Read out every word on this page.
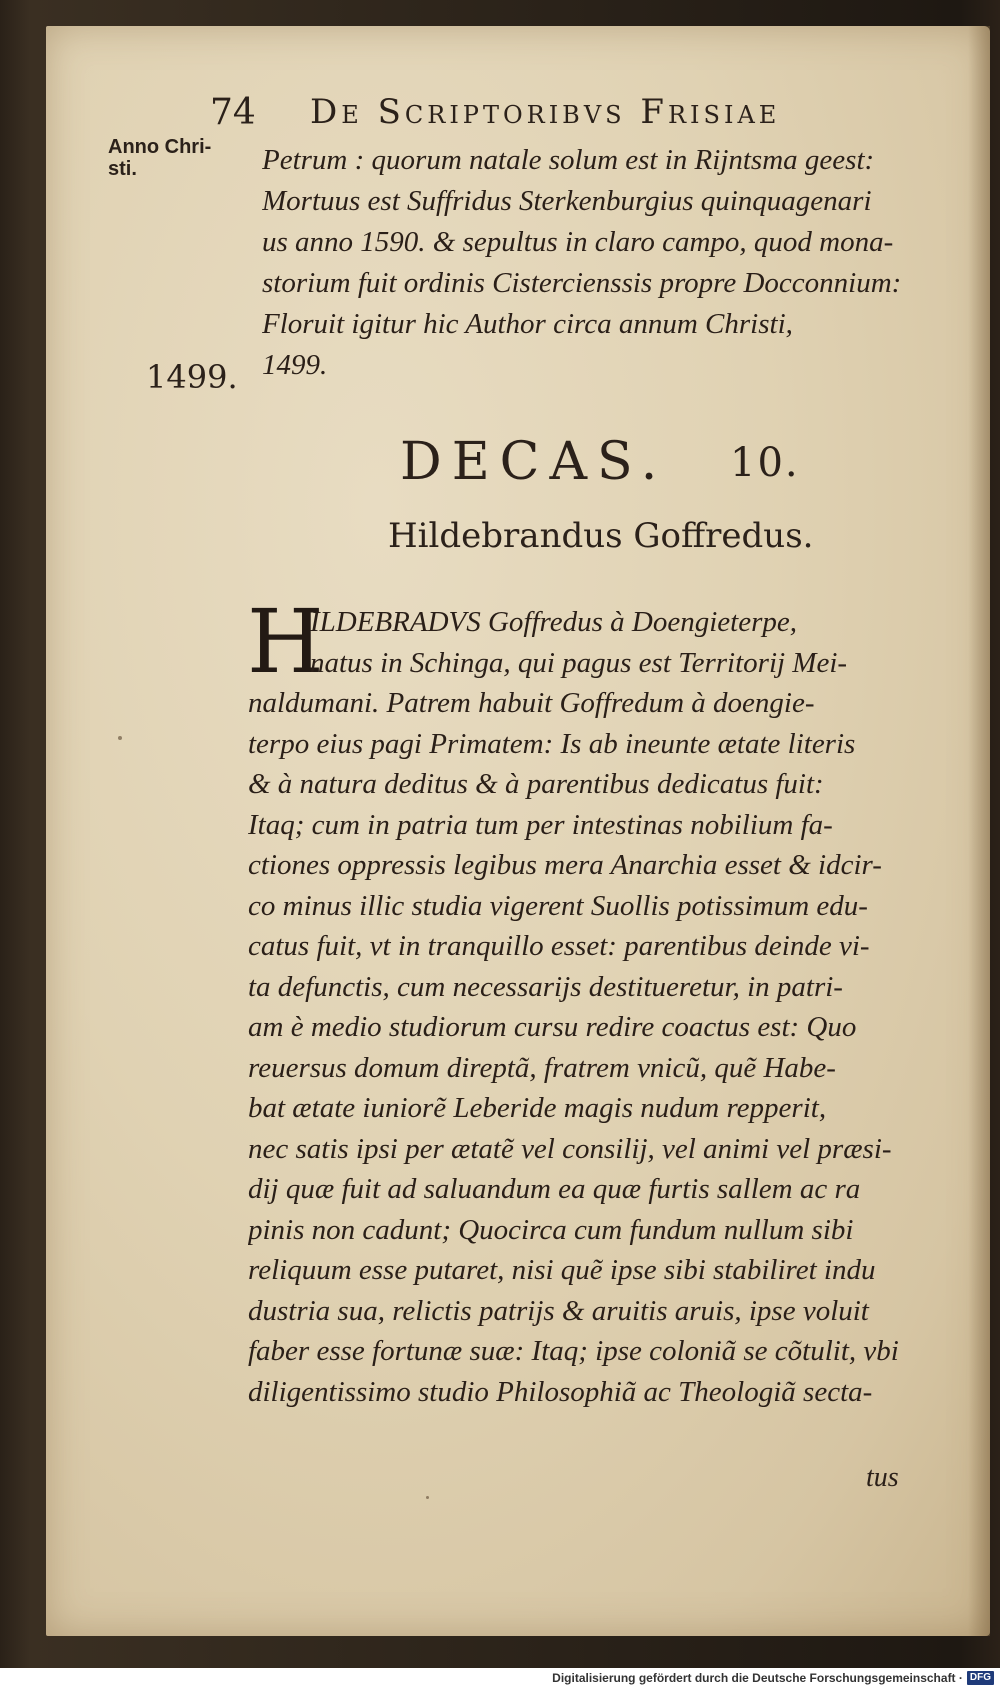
74 De Scriptoribvs Frisiae
Anno Chri-
sti.
1499.
Petrum : quorum natale solum est in Rijntsma geest:
Mortuus est Suffridus Sterkenburgius quinquagenari
us anno 1590. & sepultus in claro campo, quod mona-
storium fuit ordinis Cistercienssis propre Docconnium:
Floruit igitur hic Author circa annum Christi,
1499.
DECAS. 10.
Hildebrandus Goffredus.
H
ILDEBRADVS Goffredus à Doengieterpe,
natus in Schinga, qui pagus est Territorij Mei-
naldumani. Patrem habuit Goffredum à doengie-
terpo eius pagi Primatem: Is ab ineunte ætate literis
& à natura deditus & à parentibus dedicatus fuit:
Itaq; cum in patria tum per intestinas nobilium fa-
ctiones oppressis legibus mera Anarchia esset & idcir-
co minus illic studia vigerent Suollis potissimum edu-
catus fuit, vt in tranquillo esset: parentibus deinde vi-
ta defunctis, cum necessarijs destitueretur, in patri-
am è medio studiorum cursu redire coactus est: Quo
reuersus domum direptã, fratrem vnicũ, quẽ Habe-
bat ætate iuniorẽ Leberide magis nudum repperit,
nec satis ipsi per ætatẽ vel consilij, vel animi vel præsi-
dij quæ fuit ad saluandum ea quæ furtis sallem ac ra
pinis non cadunt; Quocirca cum fundum nullum sibi
reliquum esse putaret, nisi quẽ ipse sibi stabiliret indu
dustria sua, relictis patrijs & aruitis aruis, ipse voluit
faber esse fortunæ suæ: Itaq; ipse coloniã se cõtulit, vbi
diligentissimo studio Philosophiã ac Theologiã secta-
tus
Digitalisierung gefördert durch die Deutsche Forschungsgemeinschaft · DFG
